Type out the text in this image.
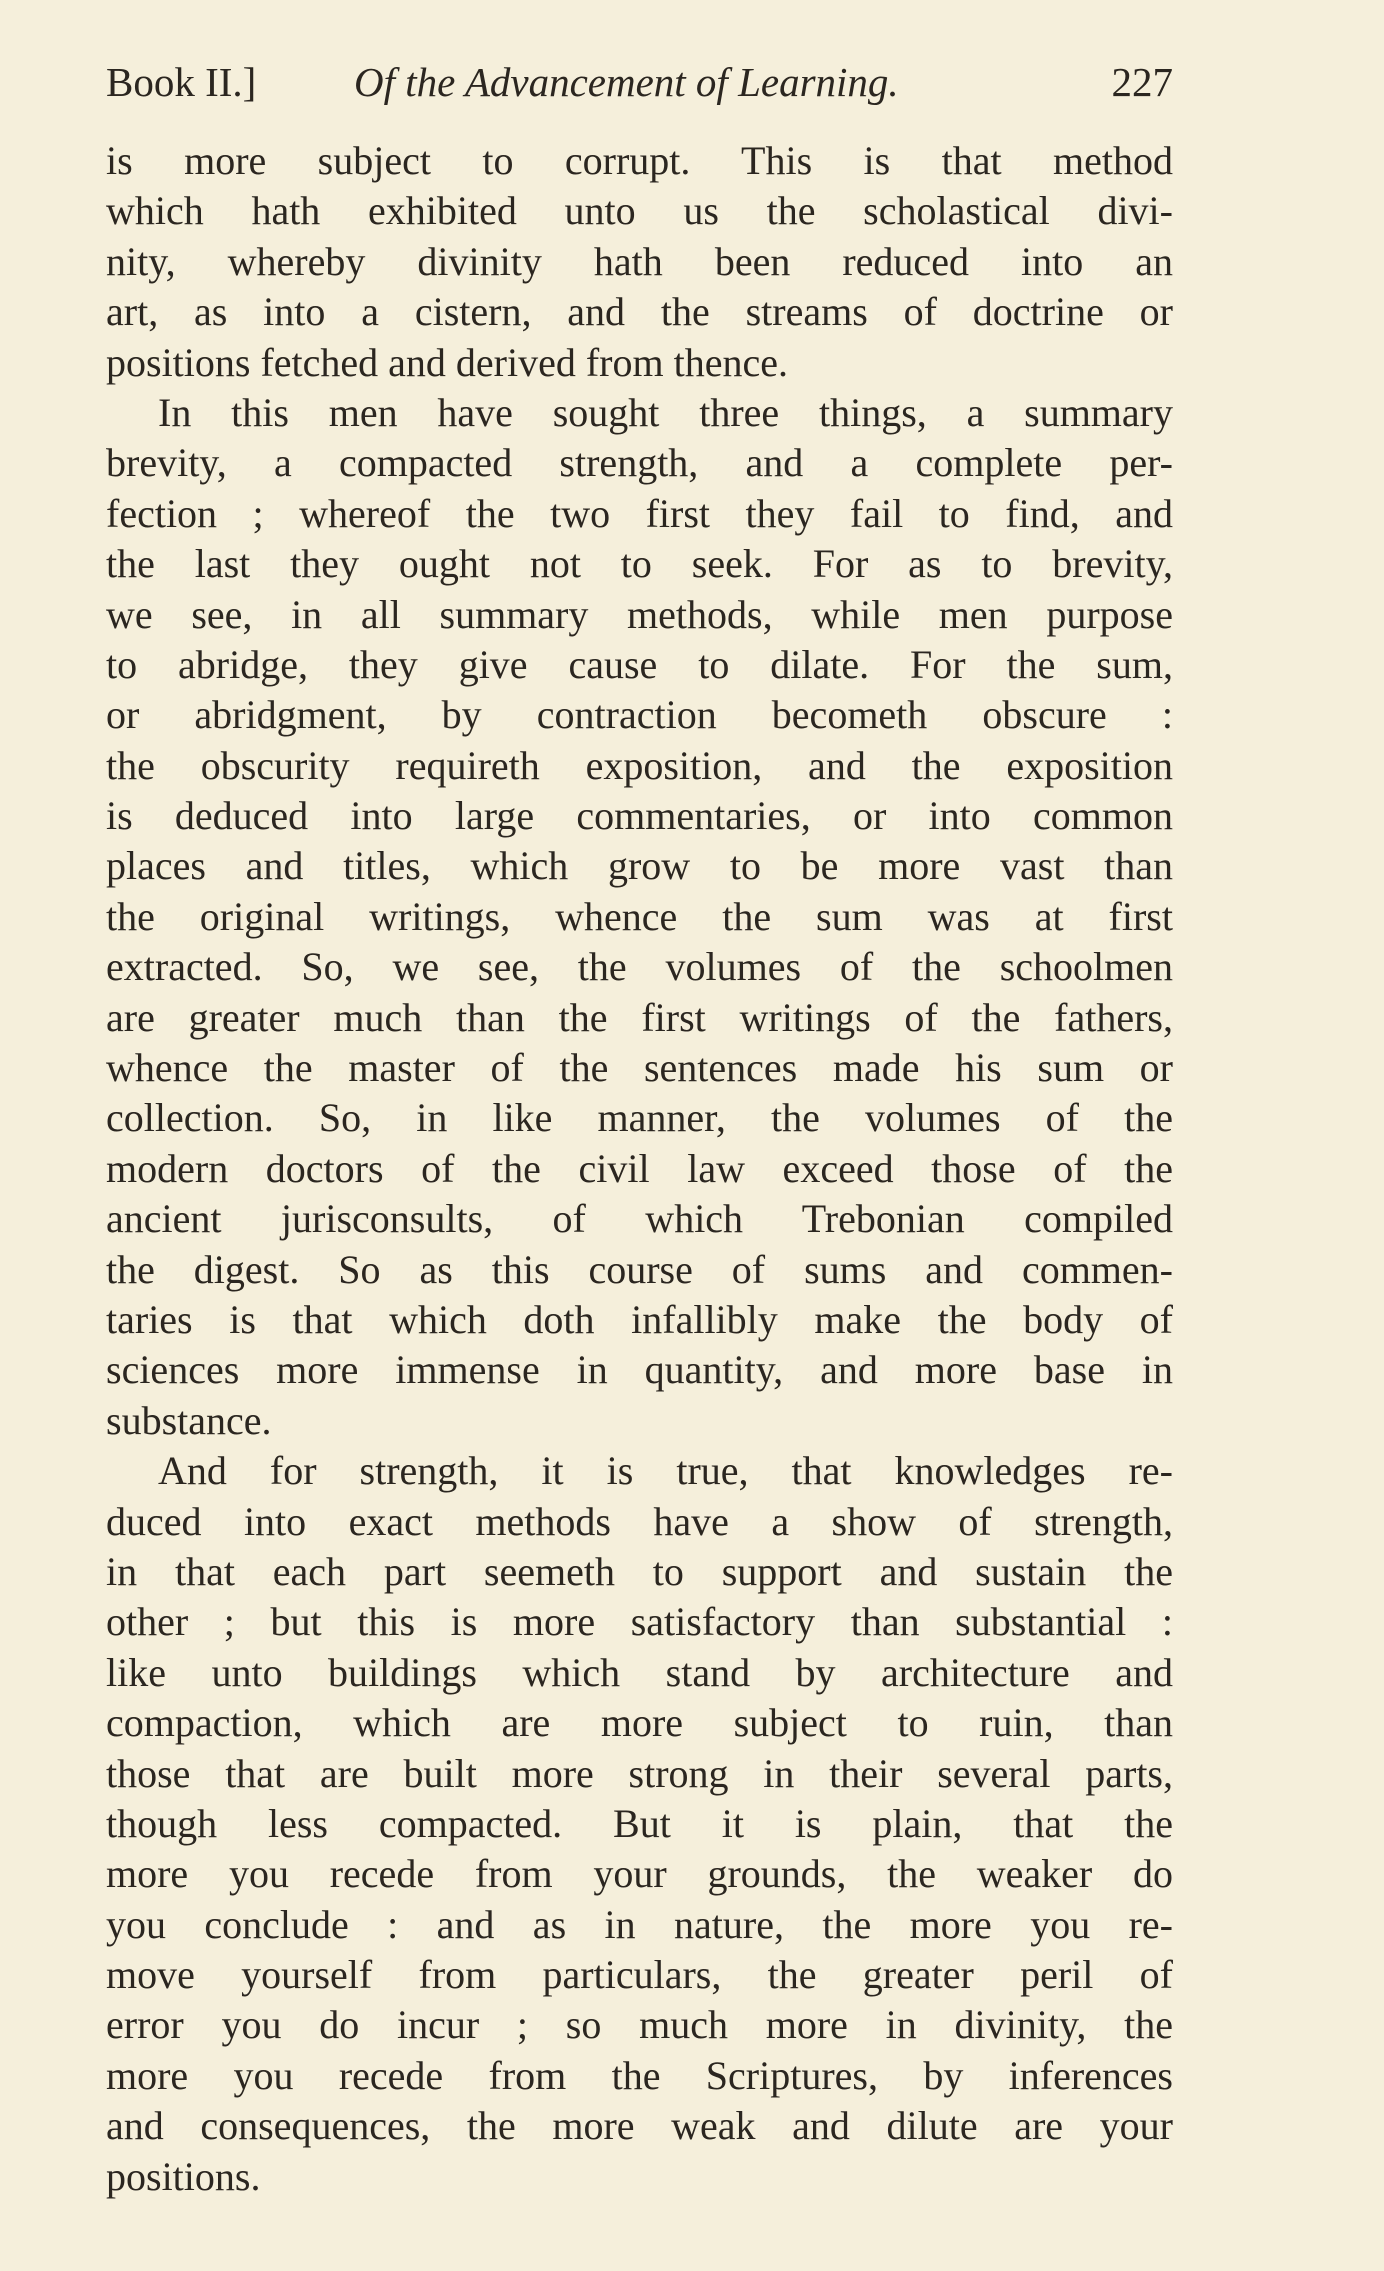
Book II.] Of the Advancement of Learning.	227
is more subject to corrupt. This is that method
which hath exhibited unto us the scholastical divi-
nity, whereby divinity hath been reduced into an
art, as into a cistern, and the streams of doctrine or
positions fetched and derived from thence.
In this men have sought three things, a summary
brevity, a compacted strength, and a complete per-
fection ; whereof the two first they fail to find, and
the last they ought not to seek. For as to brevity,
we see, in all summary methods, while men purpose
to abridge, they give cause to dilate. For the sum,
or abridgment, by contraction becometh obscure :
the obscurity requireth exposition, and the exposition
is deduced into large commentaries, or into common
places and titles, which grow to be more vast than
the original writings, whence the sum was at first
extracted. So, we see, the volumes of the schoolmen
are greater much than the first writings of the fathers,
whence the master of the sentences made his sum or
collection. So, in like manner, the volumes of the
modern doctors of the civil law exceed those of the
ancient jurisconsults, of which Trebonian compiled
the digest. So as this course of sums and commen-
taries is that which doth infallibly make the body of
sciences more immense in quantity, and more base in
substance.
And for strength, it is true, that knowledges re-
duced into exact methods have a show of strength,
in that each part seemeth to support and sustain the
other ; but this is more satisfactory than substantial :
like unto buildings which stand by architecture and
compaction, which are more subject to ruin, than
those that are built more strong in their several parts,
though less compacted. But it is plain, that the
more you recede from your grounds, the weaker do
you conclude : and as in nature, the more you re-
move yourself from particulars, the greater peril of
error you do incur ; so much more in divinity, the
more you recede from the Scriptures, by inferences
and consequences, the more weak and dilute are your
positions.
